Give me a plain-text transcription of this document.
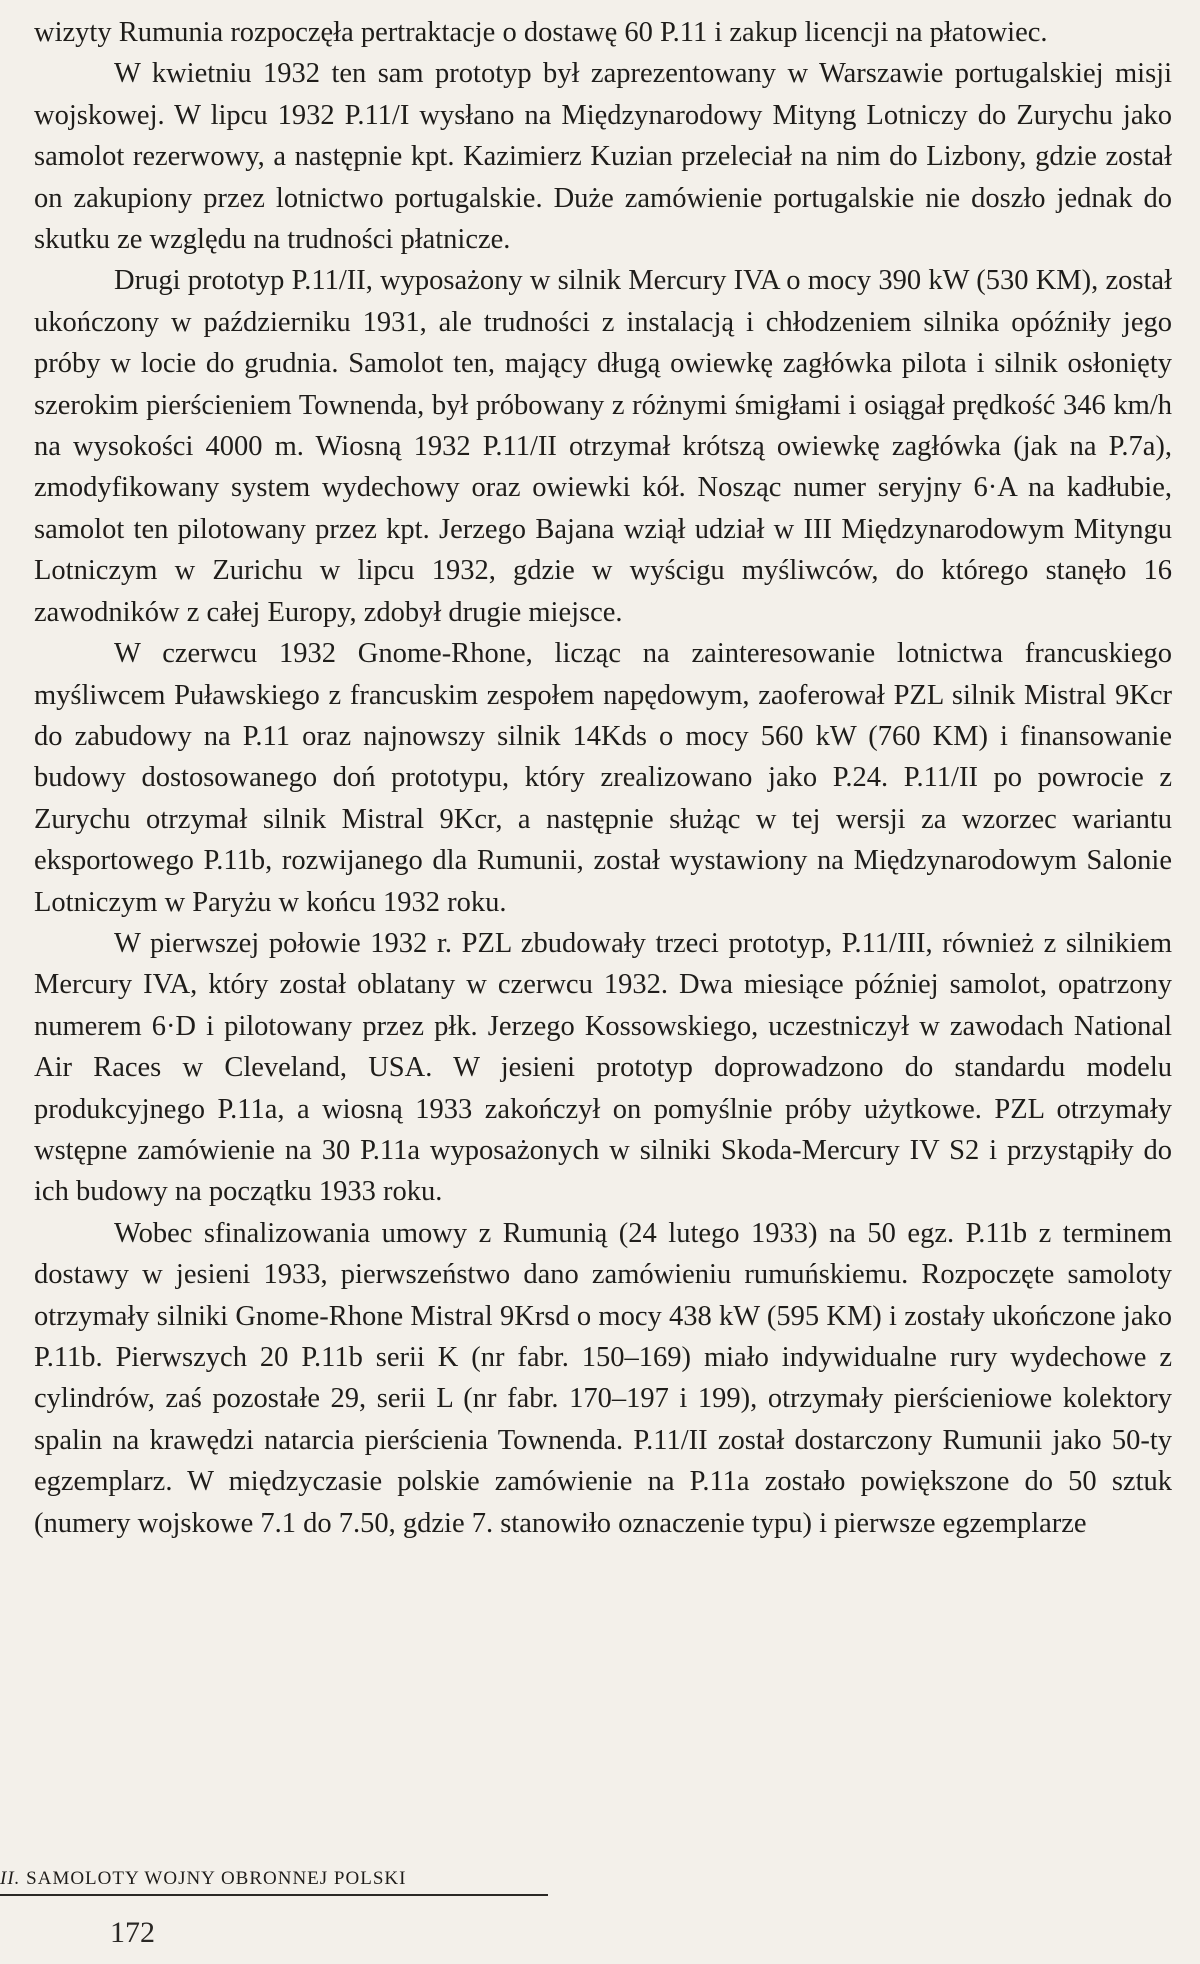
wizyty Rumunia rozpoczęła pertraktacje o dostawę 60 P.11 i zakup licencji na płatowiec.

W kwietniu 1932 ten sam prototyp był zaprezentowany w Warszawie portugalskiej misji wojskowej. W lipcu 1932 P.11/I wysłano na Międzynarodowy Mityng Lotniczy do Zurychu jako samolot rezerwowy, a następnie kpt. Kazimierz Kuzian przeleciał na nim do Lizbony, gdzie został on zakupiony przez lotnictwo portugalskie. Duże zamówienie portugalskie nie doszło jednak do skutku ze względu na trudności płatnicze.

Drugi prototyp P.11/II, wyposażony w silnik Mercury IVA o mocy 390 kW (530 KM), został ukończony w październiku 1931, ale trudności z instalacją i chłodzeniem silnika opóźniły jego próby w locie do grudnia. Samolot ten, mający długą owiewkę zagłówka pilota i silnik osłonięty szerokim pierścieniem Townenda, był próbowany z różnymi śmigłami i osiągał prędkość 346 km/h na wysokości 4000 m. Wiosną 1932 P.11/II otrzymał krótszą owiewkę zagłówka (jak na P.7a), zmodyfikowany system wydechowy oraz owiewki kół. Nosząc numer seryjny 6·A na kadłubie, samolot ten pilotowany przez kpt. Jerzego Bajana wziął udział w III Międzynarodowym Mityngu Lotniczym w Zurichu w lipcu 1932, gdzie w wyścigu myśliwców, do którego stanęło 16 zawodników z całej Europy, zdobył drugie miejsce.

W czerwcu 1932 Gnome-Rhone, licząc na zainteresowanie lotnictwa francuskiego myśliwcem Puławskiego z francuskim zespołem napędowym, zaoferował PZL silnik Mistral 9Kcr do zabudowy na P.11 oraz najnowszy silnik 14Kds o mocy 560 kW (760 KM) i finansowanie budowy dostosowanego doń prototypu, który zrealizowano jako P.24. P.11/II po powrocie z Zurychu otrzymał silnik Mistral 9Kcr, a następnie służąc w tej wersji za wzorzec wariantu eksportowego P.11b, rozwijanego dla Rumunii, został wystawiony na Międzynarodowym Salonie Lotniczym w Paryżu w końcu 1932 roku.

W pierwszej połowie 1932 r. PZL zbudowały trzeci prototyp, P.11/III, również z silnikiem Mercury IVA, który został oblatany w czerwcu 1932. Dwa miesiące później samolot, opatrzony numerem 6·D i pilotowany przez płk. Jerzego Kossowskiego, uczestniczył w zawodach National Air Races w Cleveland, USA. W jesieni prototyp doprowadzono do standardu modelu produkcyjnego P.11a, a wiosną 1933 zakończył on pomyślnie próby użytkowe. PZL otrzymały wstępne zamówienie na 30 P.11a wyposażonych w silniki Skoda-Mercury IV S2 i przystąpiły do ich budowy na początku 1933 roku.

Wobec sfinalizowania umowy z Rumunią (24 lutego 1933) na 50 egz. P.11b z terminem dostawy w jesieni 1933, pierwszeństwo dano zamówieniu rumuńskiemu. Rozpoczęte samoloty otrzymały silniki Gnome-Rhone Mistral 9Krsd o mocy 438 kW (595 KM) i zostały ukończone jako P.11b. Pierwszych 20 P.11b serii K (nr fabr. 150–169) miało indywidualne rury wydechowe z cylindrów, zaś pozostałe 29, serii L (nr fabr. 170–197 i 199), otrzymały pierścieniowe kolektory spalin na krawędzi natarcia pierścienia Townenda. P.11/II został dostarczony Rumunii jako 50-ty egzemplarz. W międzyczasie polskie zamówienie na P.11a zostało powiększone do 50 sztuk (numery wojskowe 7.1 do 7.50, gdzie 7. stanowiło oznaczenie typu) i pierwsze egzemplarze

II. SAMOLOTY WOJNY OBRONNEJ POLSKI
172
